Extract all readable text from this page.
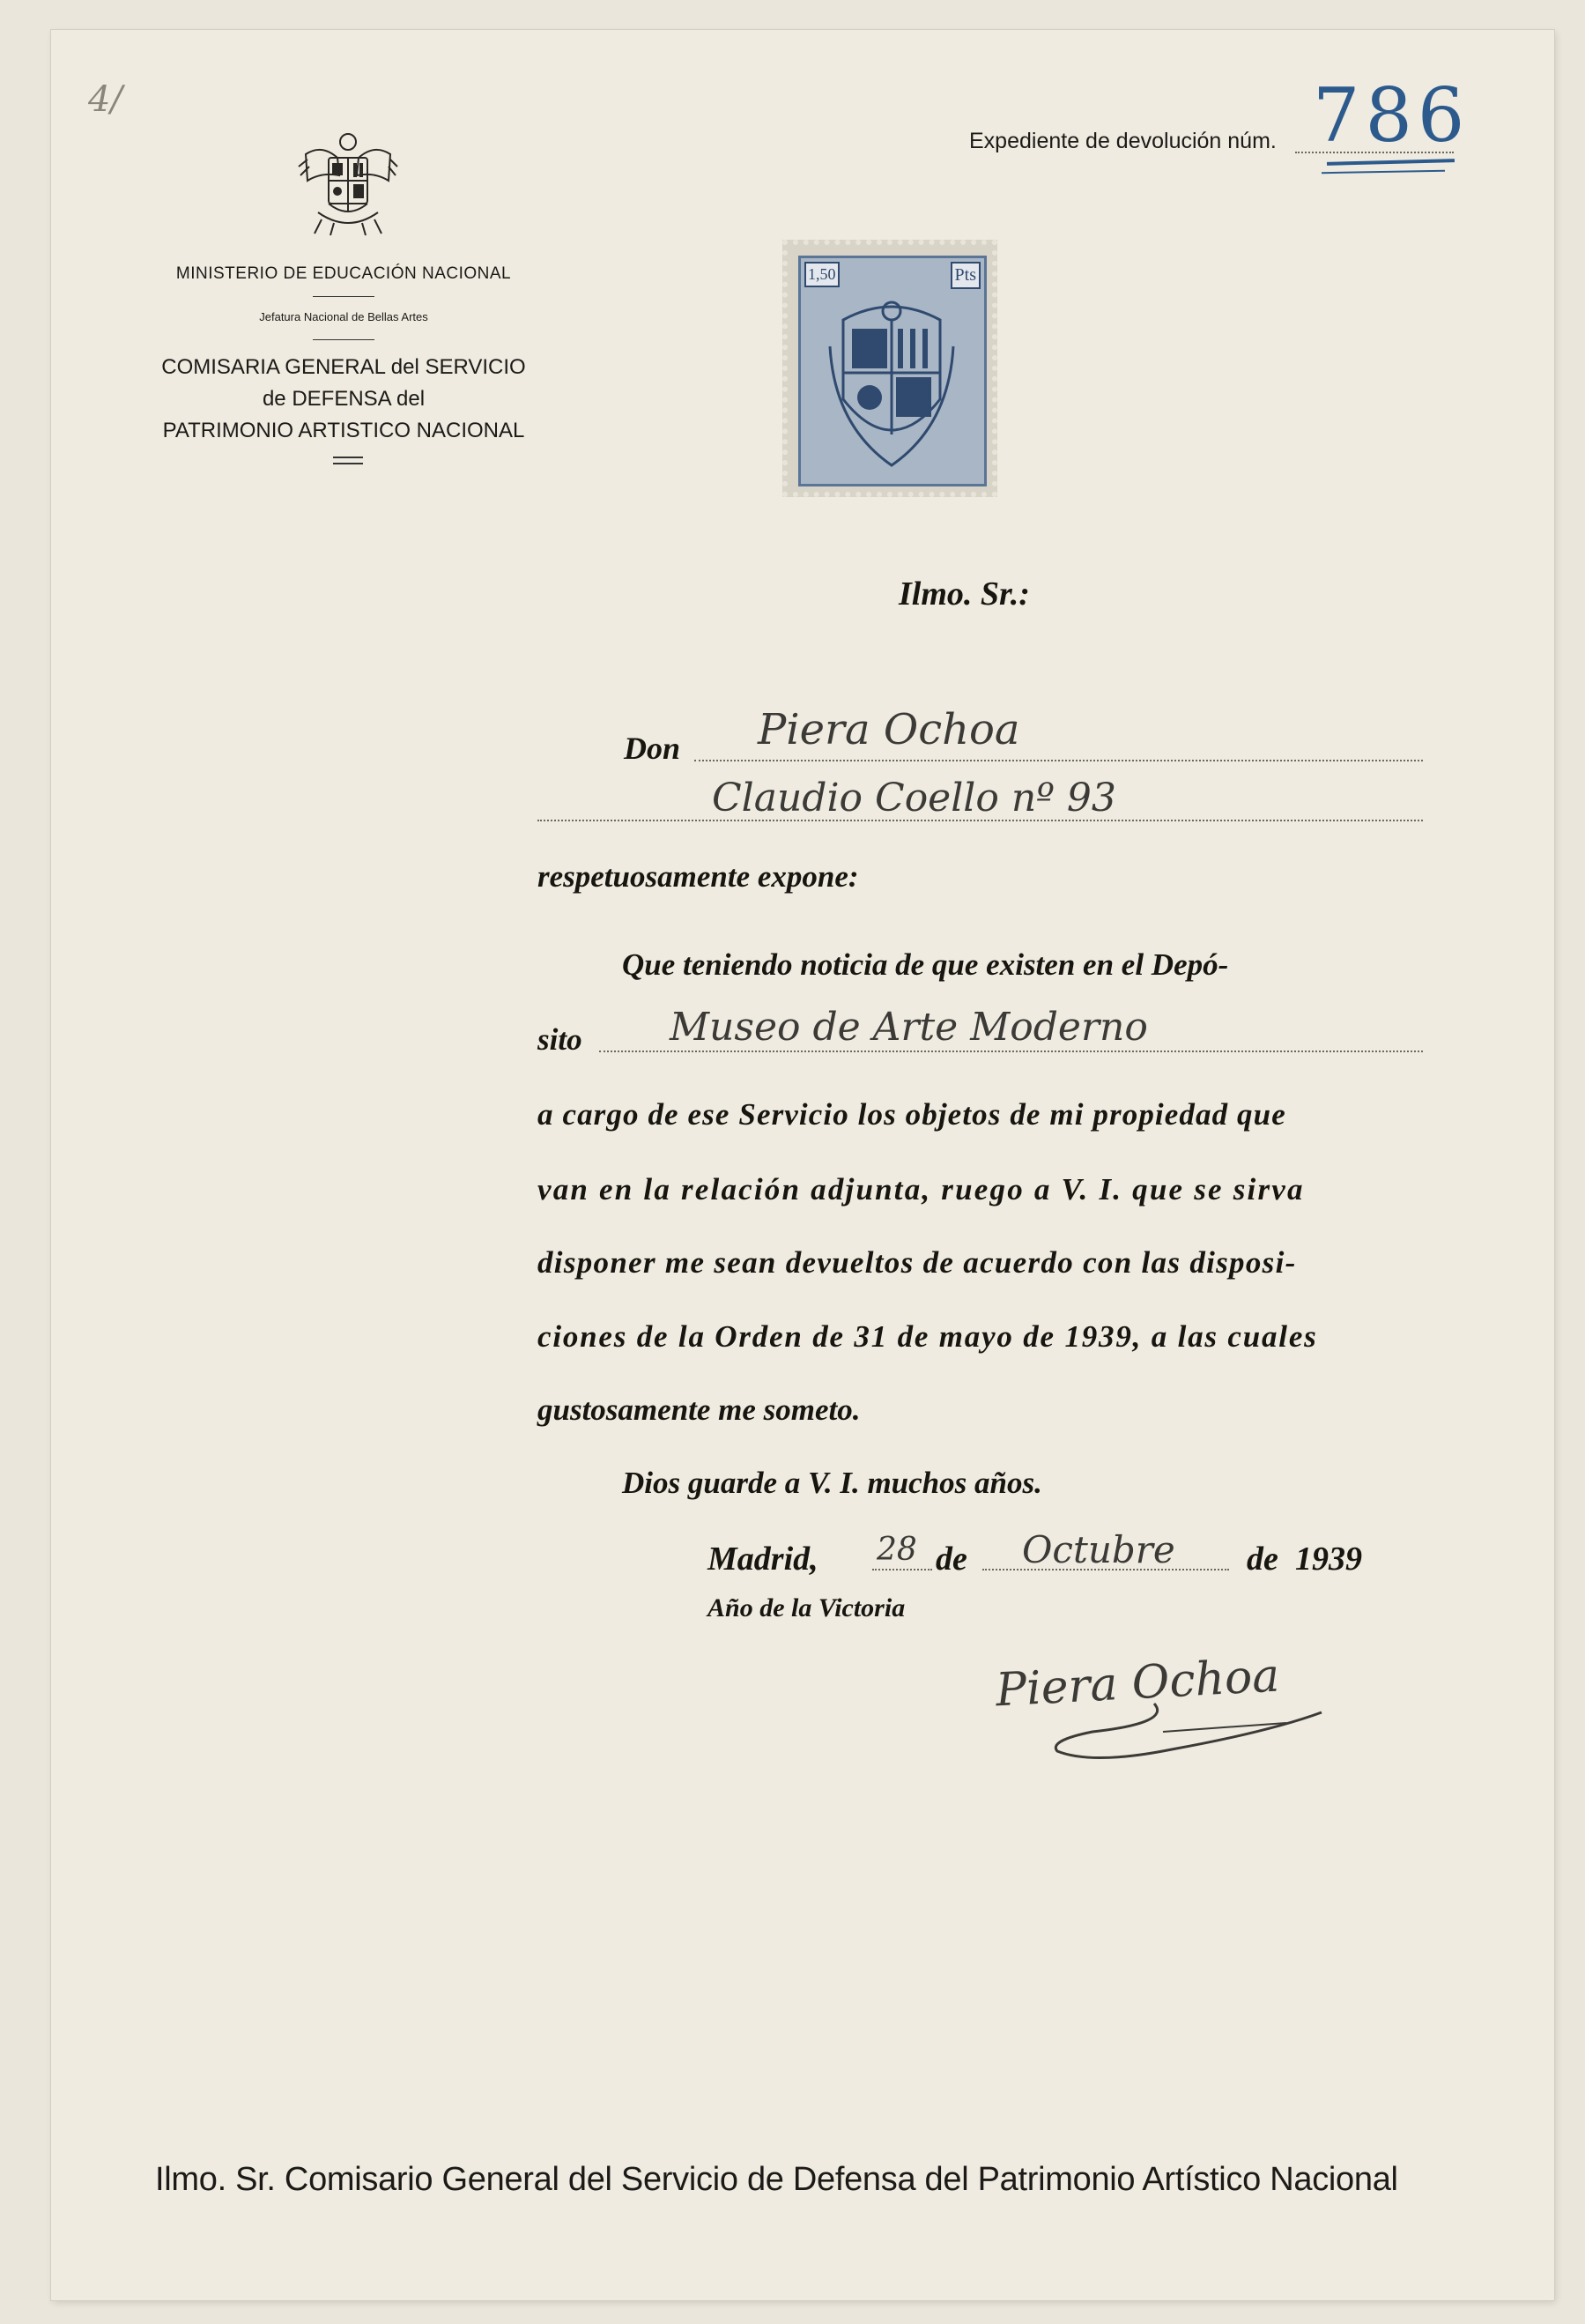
MINISTERIO DE EDUCACIÓN NACIONAL
Jefatura Nacional de Bellas Artes
COMISARIA GENERAL del SERVICIO
de DEFENSA del
PATRIMONIO ARTISTICO NACIONAL
4/
Expediente de devolución núm. 786
1,50	Pts
Ilmo. Sr.:
Don Piera Ochoa
Claudio Coello nº 93
respetuosamente expone:
Que teniendo noticia de que existen en el Depó-
sito Museo de Arte Moderno
a cargo de ese Servicio los objetos de mi propiedad que
van en la relación adjunta, ruego a V. I. que se sirva
disponer me sean devueltos de acuerdo con las disposi-
ciones de la Orden de 31 de mayo de 1939, a las cuales
gustosamente me someto.
Dios guarde a V. I. muchos años.
Madrid, 28 de Octubre de 1939
Año de la Victoria
Piera Ochoa
Ilmo. Sr. Comisario General del Servicio de Defensa del Patrimonio Artístico Nacional
